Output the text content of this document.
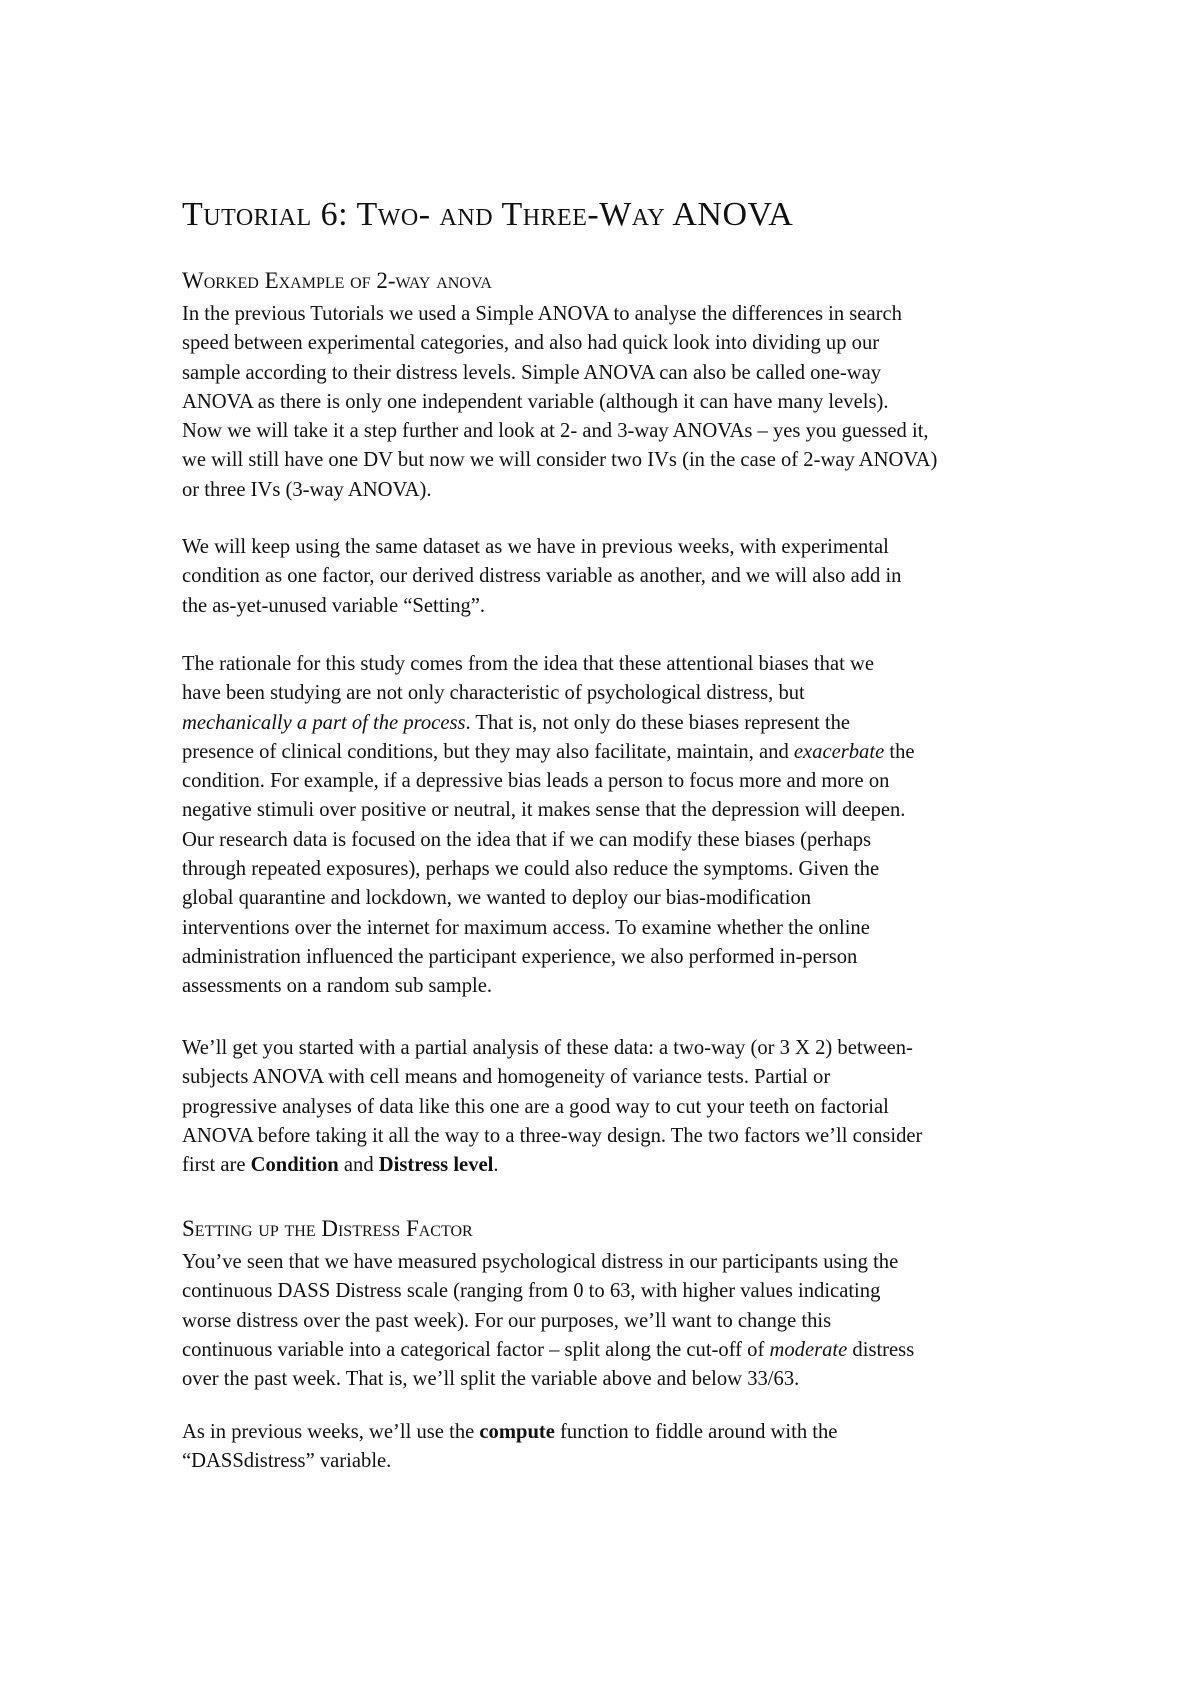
Tutorial 6: Two- and Three-Way ANOVA
Worked Example of 2-way anova

In the previous Tutorials we used a Simple ANOVA to analyse the differences in search
speed between experimental categories, and also had quick look into dividing up our
sample according to their distress levels. Simple ANOVA can also be called one-way
ANOVA as there is only one independent variable (although it can have many levels).
Now we will take it a step further and look at 2- and 3-way ANOVAs – yes you guessed it,
we will still have one DV but now we will consider two IVs (in the case of 2-way ANOVA)
or three IVs (3-way ANOVA).

We will keep using the same dataset as we have in previous weeks, with experimental
condition as one factor, our derived distress variable as another, and we will also add in
the as-yet-unused variable “Setting”.

The rationale for this study comes from the idea that these attentional biases that we
have been studying are not only characteristic of psychological distress, but
mechanically a part of the process. That is, not only do these biases represent the
presence of clinical conditions, but they may also facilitate, maintain, and exacerbate the
condition. For example, if a depressive bias leads a person to focus more and more on
negative stimuli over positive or neutral, it makes sense that the depression will deepen.
Our research data is focused on the idea that if we can modify these biases (perhaps
through repeated exposures), perhaps we could also reduce the symptoms. Given the
global quarantine and lockdown, we wanted to deploy our bias-modification
interventions over the internet for maximum access. To examine whether the online
administration influenced the participant experience, we also performed in-person
assessments on a random sub sample.

We’ll get you started with a partial analysis of these data: a two-way (or 3 X 2) between-
subjects ANOVA with cell means and homogeneity of variance tests. Partial or
progressive analyses of data like this one are a good way to cut your teeth on factorial
ANOVA before taking it all the way to a three-way design. The two factors we’ll consider
first are Condition and Distress level.

Setting up the Distress Factor

You’ve seen that we have measured psychological distress in our participants using the
continuous DASS Distress scale (ranging from 0 to 63, with higher values indicating
worse distress over the past week). For our purposes, we’ll want to change this
continuous variable into a categorical factor – split along the cut-off of moderate distress
over the past week. That is, we’ll split the variable above and below 33/63.

As in previous weeks, we’ll use the compute function to fiddle around with the
“DASSdistress” variable.
